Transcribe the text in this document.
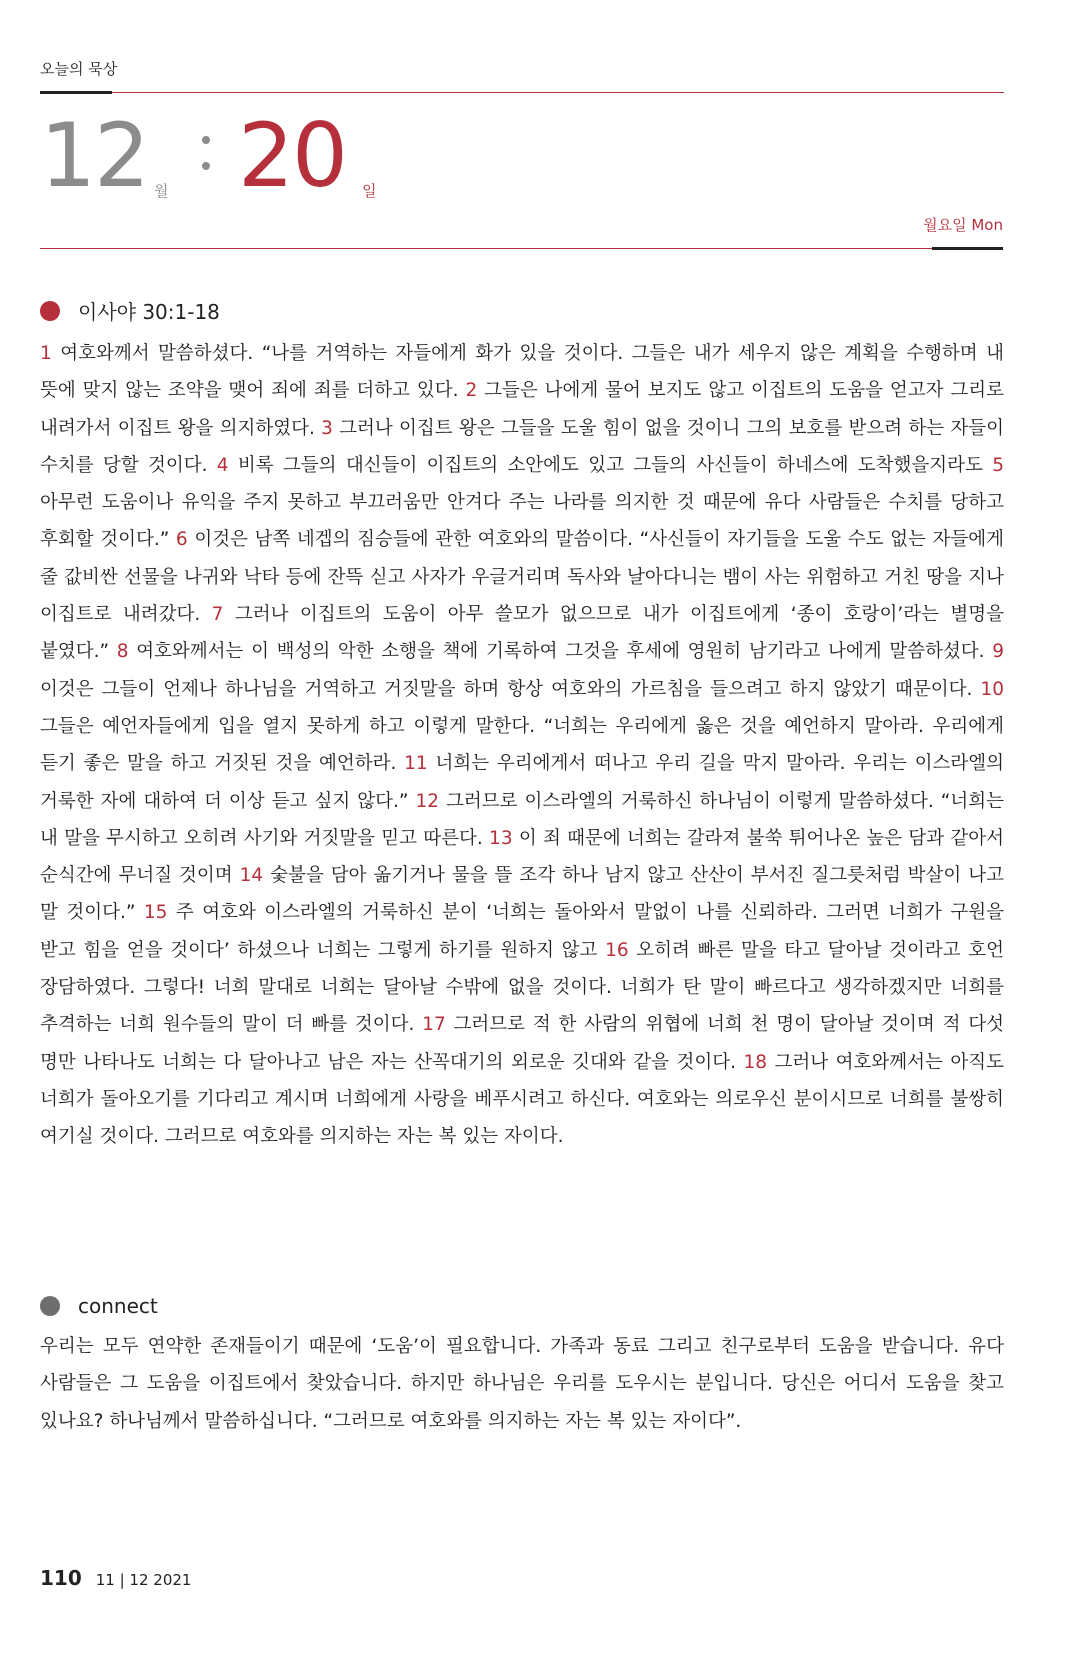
오늘의 묵상
12 월 20 일
월요일 Mon
이사야 30:1-18

1 여호와께서 말씀하셨다. “나를 거역하는 자들에게 화가 있을 것이다. 그들은 내가 세우지 않은 계획을 수행하며 내 뜻에 맞지 않는 조약을 맺어 죄에 죄를 더하고 있다. 2 그들은 나에게 물어 보지도 않고 이집트의 도움을 얻고자 그리로 내려가서 이집트 왕을 의지하였다. 3 그러나 이집트 왕은 그들을 도울 힘이 없을 것이니 그의 보호를 받으려 하는 자들이 수치를 당할 것이다. 4 비록 그들의 대신들이 이집트의 소안에도 있고 그들의 사신들이 하네스에 도착했을지라도 5 아무런 도움이나 유익을 주지 못하고 부끄러움만 안겨다 주는 나라를 의지한 것 때문에 유다 사람들은 수치를 당하고 후회할 것이다.” 6 이것은 남쪽 네겝의 짐승들에 관한 여호와의 말씀이다. “사신들이 자기들을 도울 수도 없는 자들에게 줄 값비싼 선물을 나귀와 낙타 등에 잔뜩 싣고 사자가 우글거리며 독사와 날아다니는 뱀이 사는 위험하고 거친 땅을 지나 이집트로 내려갔다. 7 그러나 이집트의 도움이 아무 쓸모가 없으므로 내가 이집트에게 ‘종이 호랑이’라는 별명을 붙였다.” 8 여호와께서는 이 백성의 악한 소행을 책에 기록하여 그것을 후세에 영원히 남기라고 나에게 말씀하셨다. 9 이것은 그들이 언제나 하나님을 거역하고 거짓말을 하며 항상 여호와의 가르침을 들으려고 하지 않았기 때문이다. 10 그들은 예언자들에게 입을 열지 못하게 하고 이렇게 말한다. “너희는 우리에게 옳은 것을 예언하지 말아라. 우리에게 듣기 좋은 말을 하고 거짓된 것을 예언하라. 11 너희는 우리에게서 떠나고 우리 길을 막지 말아라. 우리는 이스라엘의 거룩한 자에 대하여 더 이상 듣고 싶지 않다.” 12 그러므로 이스라엘의 거룩하신 하나님이 이렇게 말씀하셨다. “너희는 내 말을 무시하고 오히려 사기와 거짓말을 믿고 따른다. 13 이 죄 때문에 너희는 갈라져 불쑥 튀어나온 높은 담과 같아서 순식간에 무너질 것이며 14 숯불을 담아 옮기거나 물을 뜰 조각 하나 남지 않고 산산이 부서진 질그릇처럼 박살이 나고 말 것이다.” 15 주 여호와 이스라엘의 거룩하신 분이 ‘너희는 돌아와서 말없이 나를 신뢰하라. 그러면 너희가 구원을 받고 힘을 얻을 것이다’ 하셨으나 너희는 그렇게 하기를 원하지 않고 16 오히려 빠른 말을 타고 달아날 것이라고 호언 장담하였다. 그렇다! 너희 말대로 너희는 달아날 수밖에 없을 것이다. 너희가 탄 말이 빠르다고 생각하겠지만 너희를 추격하는 너희 원수들의 말이 더 빠를 것이다. 17 그러므로 적 한 사람의 위협에 너희 천 명이 달아날 것이며 적 다섯 명만 나타나도 너희는 다 달아나고 남은 자는 산꼭대기의 외로운 깃대와 같을 것이다. 18 그러나 여호와께서는 아직도 너희가 돌아오기를 기다리고 계시며 너희에게 사랑을 베푸시려고 하신다. 여호와는 의로우신 분이시므로 너희를 불쌍히 여기실 것이다. 그러므로 여호와를 의지하는 자는 복 있는 자이다.

connect

우리는 모두 연약한 존재들이기 때문에 ‘도움’이 필요합니다. 가족과 동료 그리고 친구로부터 도움을 받습니다. 유다 사람들은 그 도움을 이집트에서 찾았습니다. 하지만 하나님은 우리를 도우시는 분입니다. 당신은 어디서 도움을 찾고 있나요? 하나님께서 말씀하십니다. “그러므로 여호와를 의지하는 자는 복 있는 자이다”.

110 11 | 12 2021
